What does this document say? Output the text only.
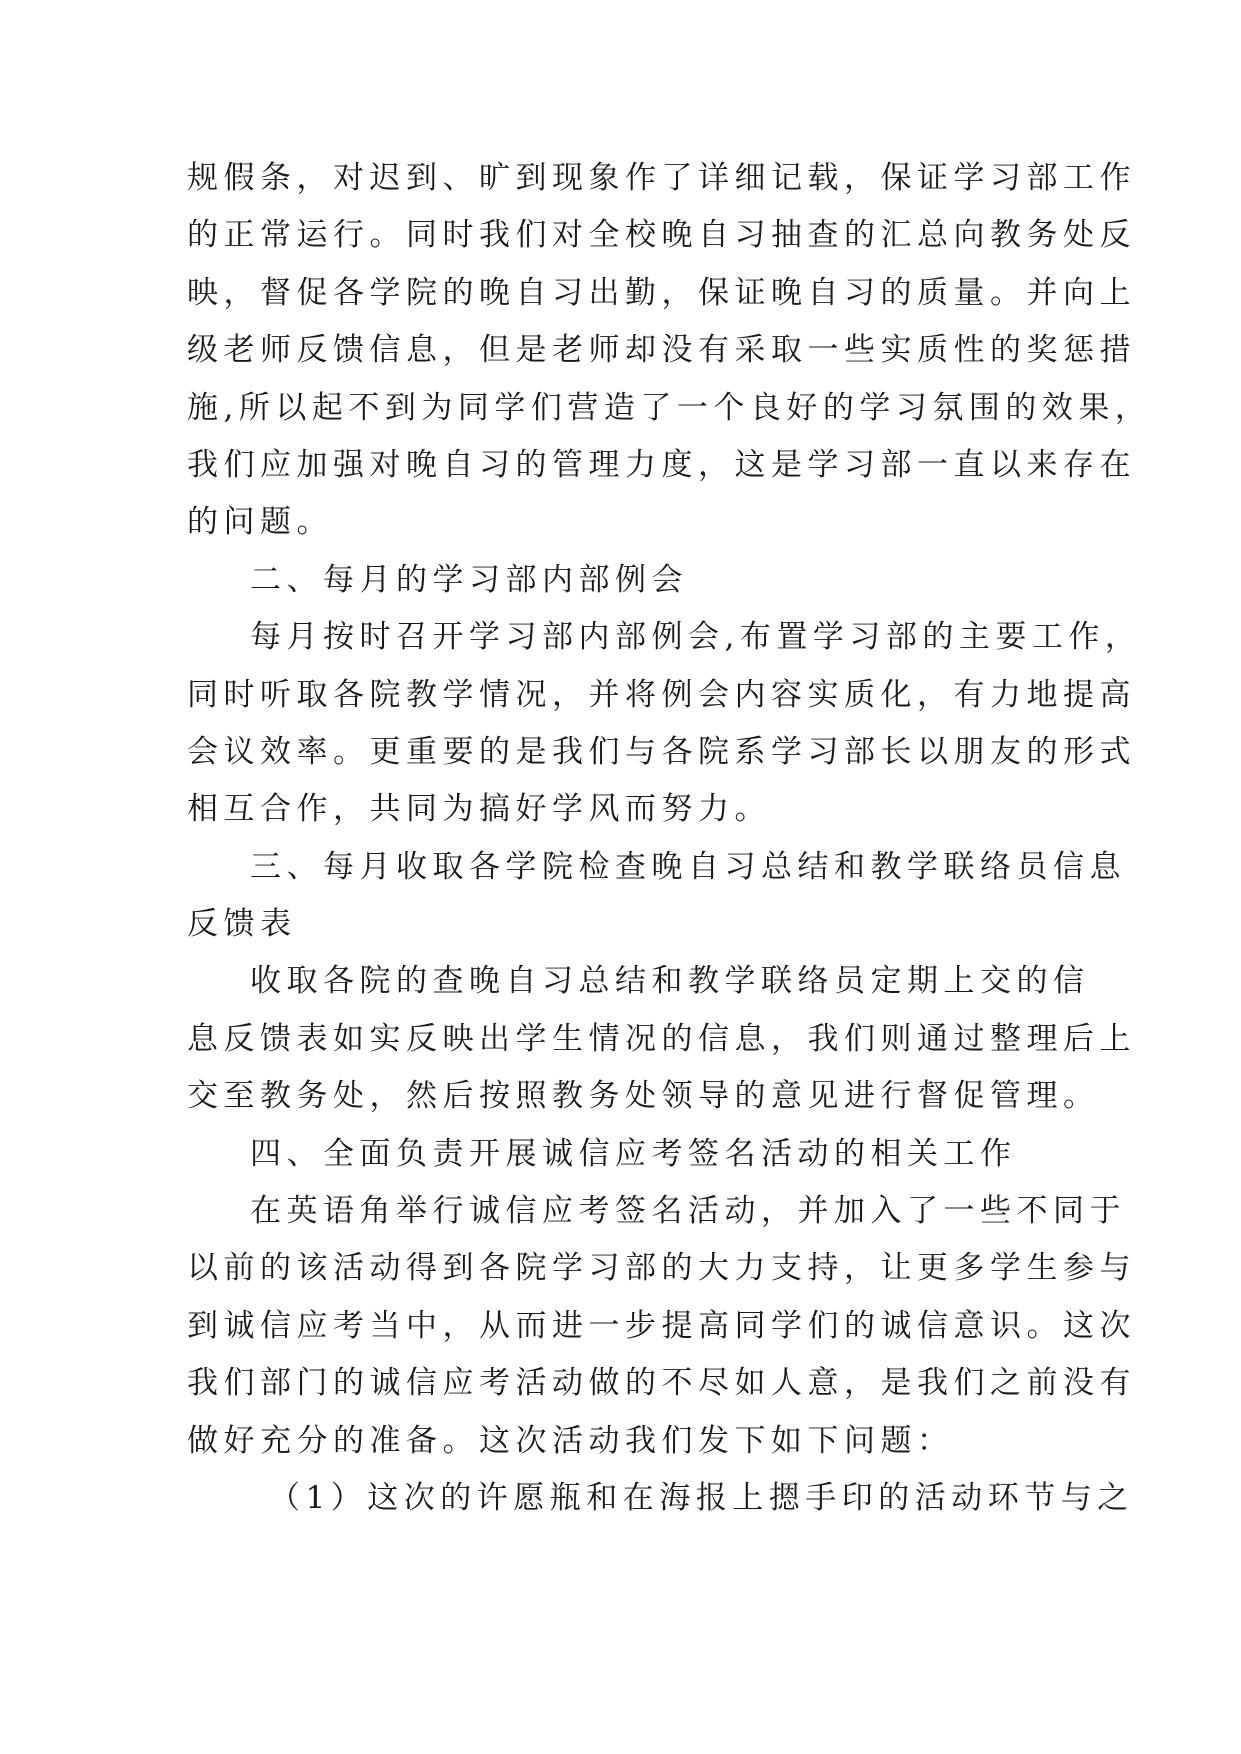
规假条，对迟到、旷到现象作了详细记载，保证学习部工作
的正常运行。同时我们对全校晚自习抽查的汇总向教务处反
映，督促各学院的晚自习出勤，保证晚自习的质量。并向上
级老师反馈信息，但是老师却没有采取一些实质性的奖惩措
施,所以起不到为同学们营造了一个良好的学习氛围的效果，
我们应加强对晚自习的管理力度，这是学习部一直以来存在
的问题。
二、每月的学习部内部例会
每月按时召开学习部内部例会,布置学习部的主要工作，
同时听取各院教学情况，并将例会内容实质化，有力地提高
会议效率。更重要的是我们与各院系学习部长以朋友的形式
相互合作，共同为搞好学风而努力。
三、每月收取各学院检查晚自习总结和教学联络员信息
反馈表
收取各院的查晚自习总结和教学联络员定期上交的信
息反馈表如实反映出学生情况的信息，我们则通过整理后上
交至教务处，然后按照教务处领导的意见进行督促管理。
四、全面负责开展诚信应考签名活动的相关工作
在英语角举行诚信应考签名活动，并加入了一些不同于
以前的该活动得到各院学习部的大力支持，让更多学生参与
到诚信应考当中，从而进一步提高同学们的诚信意识。这次
我们部门的诚信应考活动做的不尽如人意，是我们之前没有
做好充分的准备。这次活动我们发下如下问题：
（1）这次的许愿瓶和在海报上摁手印的活动环节与之
